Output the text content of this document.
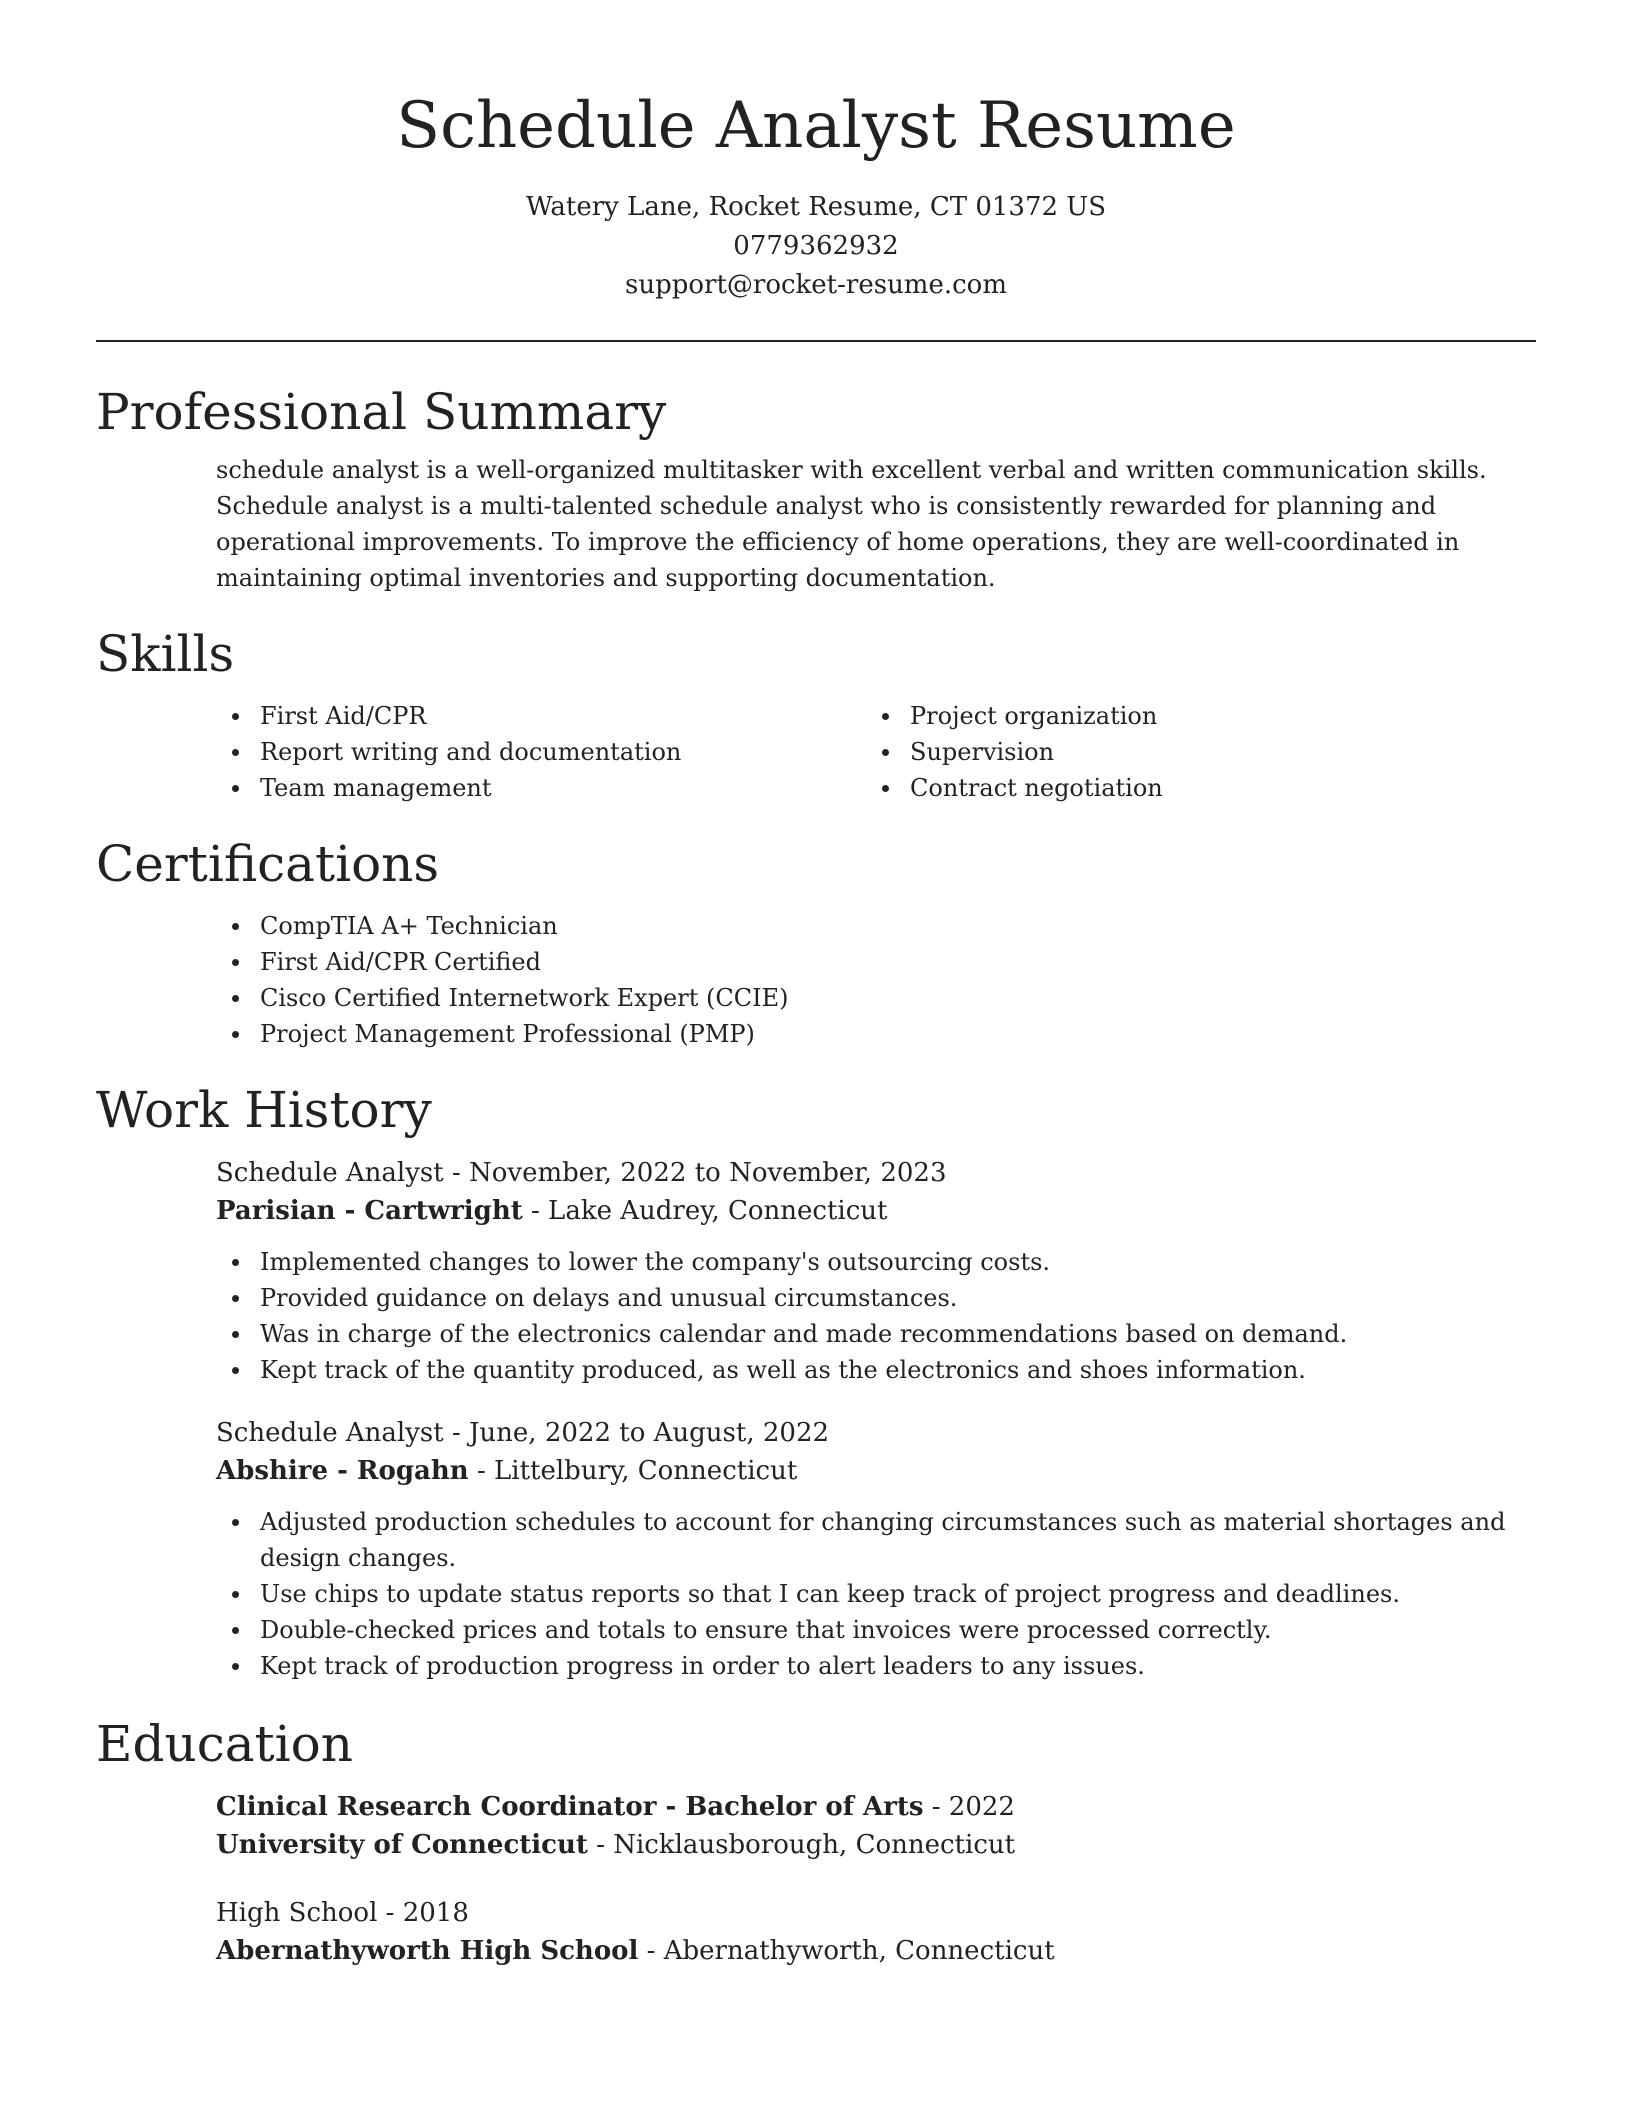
Schedule Analyst Resume
Watery Lane, Rocket Resume, CT 01372 US
0779362932
support@rocket-resume.com
Professional Summary
schedule analyst is a well-organized multitasker with excellent verbal and written communication skills. Schedule analyst is a multi-talented schedule analyst who is consistently rewarded for planning and operational improvements. To improve the efficiency of home operations, they are well-coordinated in maintaining optimal inventories and supporting documentation.
Skills
First Aid/CPR
Report writing and documentation
Team management
Project organization
Supervision
Contract negotiation
Certifications
CompTIA A+ Technician
First Aid/CPR Certified
Cisco Certified Internetwork Expert (CCIE)
Project Management Professional (PMP)
Work History
Schedule Analyst - November, 2022 to November, 2023
Parisian - Cartwright - Lake Audrey, Connecticut
Implemented changes to lower the company's outsourcing costs.
Provided guidance on delays and unusual circumstances.
Was in charge of the electronics calendar and made recommendations based on demand.
Kept track of the quantity produced, as well as the electronics and shoes information.
Schedule Analyst - June, 2022 to August, 2022
Abshire - Rogahn - Littelbury, Connecticut
Adjusted production schedules to account for changing circumstances such as material shortages and design changes.
Use chips to update status reports so that I can keep track of project progress and deadlines.
Double-checked prices and totals to ensure that invoices were processed correctly.
Kept track of production progress in order to alert leaders to any issues.
Education
Clinical Research Coordinator - Bachelor of Arts - 2022
University of Connecticut - Nicklausborough, Connecticut
High School - 2018
Abernathyworth High School - Abernathyworth, Connecticut
